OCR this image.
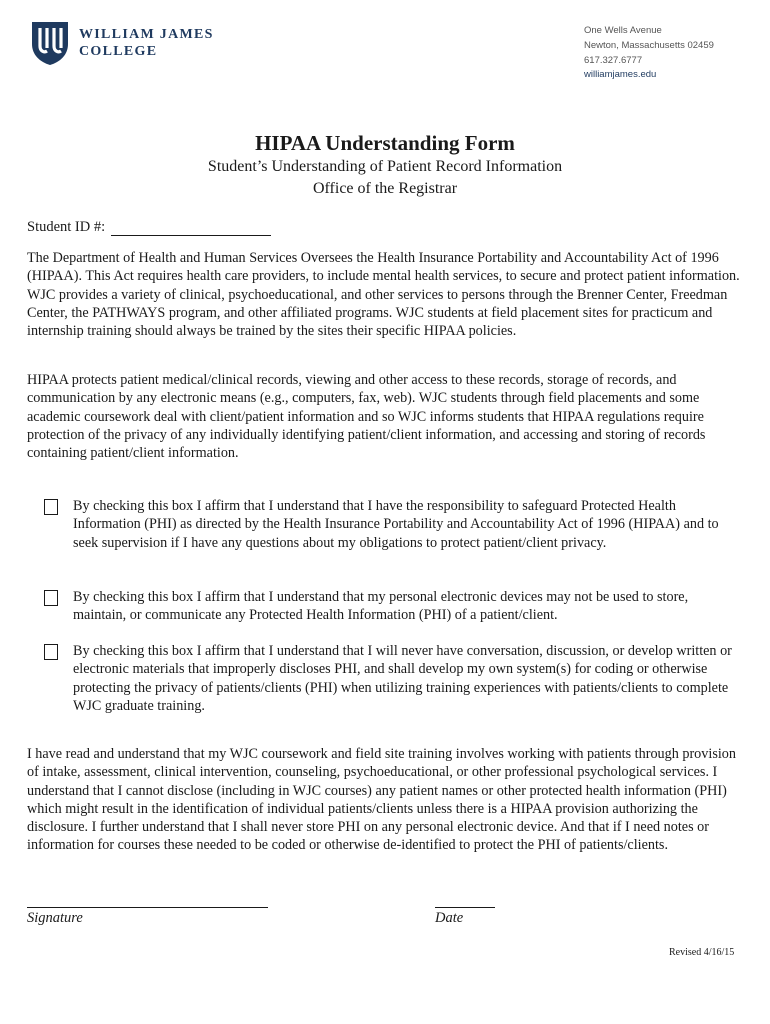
WILLIAM JAMES
COLLEGE
One Wells Avenue
Newton, Massachusetts 02459
617.327.6777
williamjames.edu
HIPAA Understanding Form
Student’s Understanding of Patient Record Information
Office of the Registrar
Student ID #:

The Department of Health and Human Services Oversees the Health Insurance Portability and Accountability Act of 1996 (HIPAA). This Act requires health care providers, to include mental health services, to secure and protect patient information. WJC provides a variety of clinical, psychoeducational, and other services to persons through the Brenner Center, Freedman Center, the PATHWAYS program, and other affiliated programs. WJC students at field placement sites for practicum and internship training should always be trained by the sites their specific HIPAA policies.

HIPAA protects patient medical/clinical records, viewing and other access to these records, storage of records, and communication by any electronic means (e.g., computers, fax, web). WJC students through field placements and some academic coursework deal with client/patient information and so WJC informs students that HIPAA regulations require protection of the privacy of any individually identifying patient/client information, and accessing and storing of records containing patient/client information.

By checking this box I affirm that I understand that I have the responsibility to safeguard Protected Health Information (PHI) as directed by the Health Insurance Portability and Accountability Act of 1996 (HIPAA) and to seek supervision if I have any questions about my obligations to protect patient/client privacy.
By checking this box I affirm that I understand that my personal electronic devices may not be used to store, maintain, or communicate any Protected Health Information (PHI) of a patient/client.
By checking this box I affirm that I understand that I will never have conversation, discussion, or develop written or electronic materials that improperly discloses PHI, and shall develop my own system(s) for coding or otherwise protecting the privacy of patients/clients (PHI) when utilizing training experiences with patients/clients to complete WJC graduate training.

I have read and understand that my WJC coursework and field site training involves working with patients through provision of intake, assessment, clinical intervention, counseling, psychoeducational, or other professional psychological services. I understand that I cannot disclose (including in WJC courses) any patient names or other protected health information (PHI) which might result in the identification of individual patients/clients unless there is a HIPAA provision authorizing the disclosure. I further understand that I shall never store PHI on any personal electronic device. And that if I need notes or information for courses these needed to be coded or otherwise de-identified to protect the PHI of patients/clients.

Signature	Date
Revised 4/16/15
